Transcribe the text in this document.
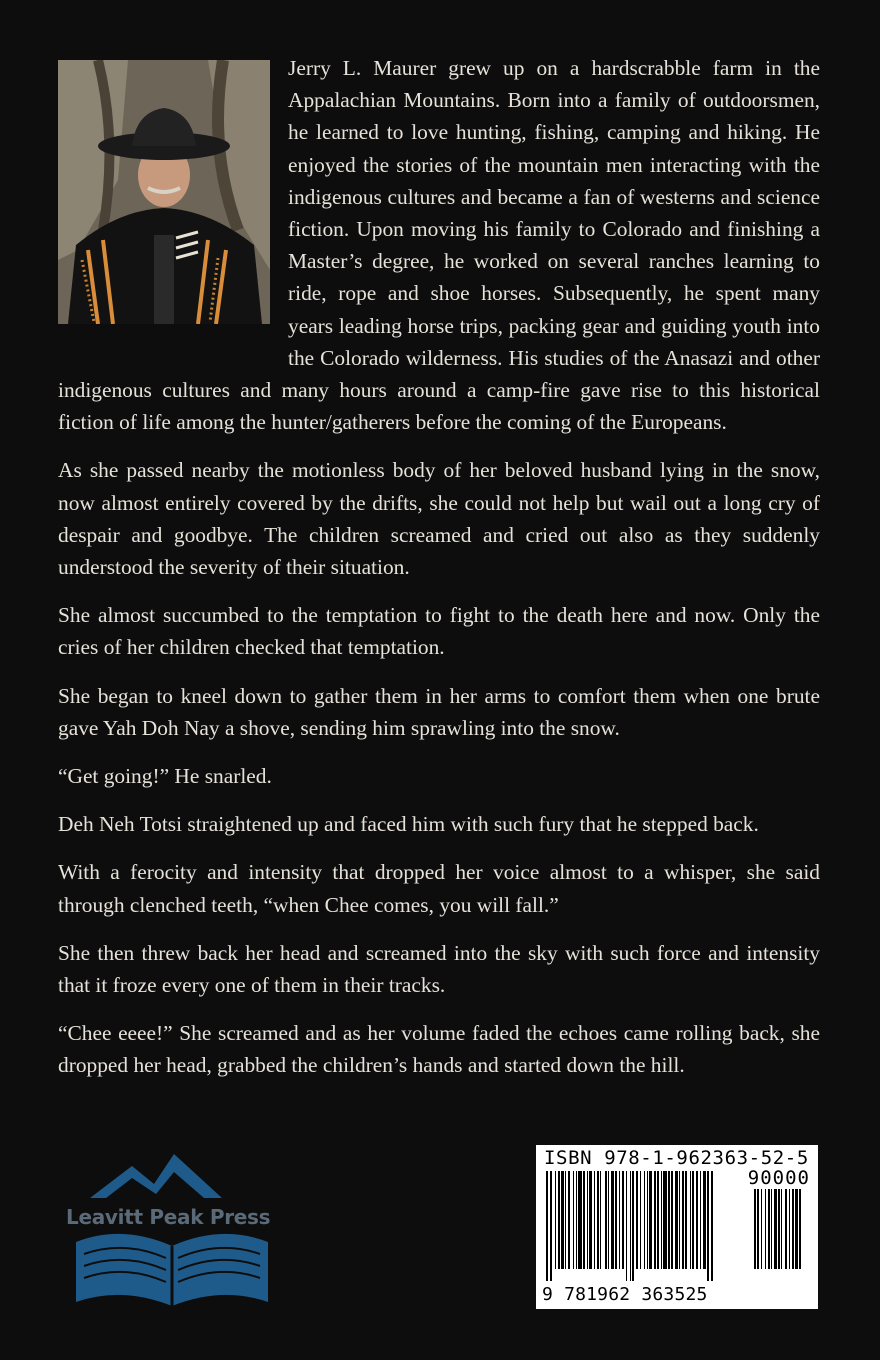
Jerry L. Maurer grew up on a hardscrabble farm in the Appalachian Mountains. Born into a family of outdoorsmen, he learned to love hunting, fishing, camping and hiking. He enjoyed the stories of the mountain men interacting with the indigenous cultures and became a fan of westerns and science fiction. Upon moving his family to Colorado and finishing a Master’s degree, he worked on several ranches learning to ride, rope and shoe horses. Subsequently, he spent many years leading horse trips, packing gear and guiding youth into the Colorado wilderness. His studies of the Anasazi and other indigenous cultures and many hours around a camp-fire gave rise to this historical fiction of life among the hunter/gatherers before the coming of the Europeans.

As she passed nearby the motionless body of her beloved husband lying in the snow, now almost entirely covered by the drifts, she could not help but wail out a long cry of despair and goodbye. The children screamed and cried out also as they suddenly understood the severity of their situation.

She almost succumbed to the temptation to fight to the death here and now. Only the cries of her children checked that temptation.

She began to kneel down to gather them in her arms to comfort them when one brute gave Yah Doh Nay a shove, sending him sprawling into the snow.

“Get going!” He snarled.

Deh Neh Totsi straightened up and faced him with such fury that he stepped back.

With a ferocity and intensity that dropped her voice almost to a whisper, she said through clenched teeth, “when Chee comes, you will fall.”

She then threw back her head and screamed into the sky with such force and intensity that it froze every one of them in their tracks.

“Chee eeee!” She screamed and as her volume faded the echoes came rolling back, she dropped her head, grabbed the children’s hands and started down the hill.

Leavitt Peak Press
ISBN 978-1-962363-52-5
90000
9 781962 363525
